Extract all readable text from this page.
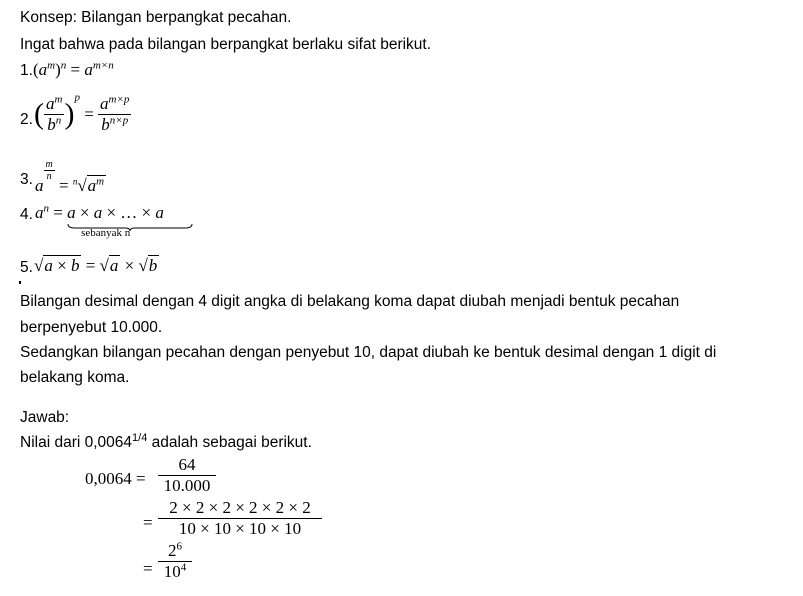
Konsep: Bilangan berpangkat pecahan.
Ingat bahwa pada bilangan berpangkat berlaku sifat berikut.
$1.(a^m)^n = a^{m\times n}$
2. ( $\frac{a^m}{b^n} )^p = \frac{a^{m\times p}}{b^{n\times p}}$
3. a
$\frac{m}{n}$
= $^n√a^m$
4. $a^n = a \times a$ × … × a
sebanyak n
5. √a × b = √a × √b
Bilangan desimal dengan 4 digit angka di belakang koma dapat diubah menjadi bentuk pecahan
berpenyebut 10.000.
Sedangkan bilangan pecahan dengan penyebut 10, dapat diubah ke bentuk desimal dengan 1 digit di
belakang koma.
Jawab:
Nilai dari $0,0064^{1/4}$ adalah sebagai berikut.
$0,0064 = \frac{64}{10.000}$
= $\frac{2 \times 2 \times 2 \times 2 \times 2 \times 2}{10 \times 10 \times 10 \times 10}$
= $\frac{2^6}{10^4}$
